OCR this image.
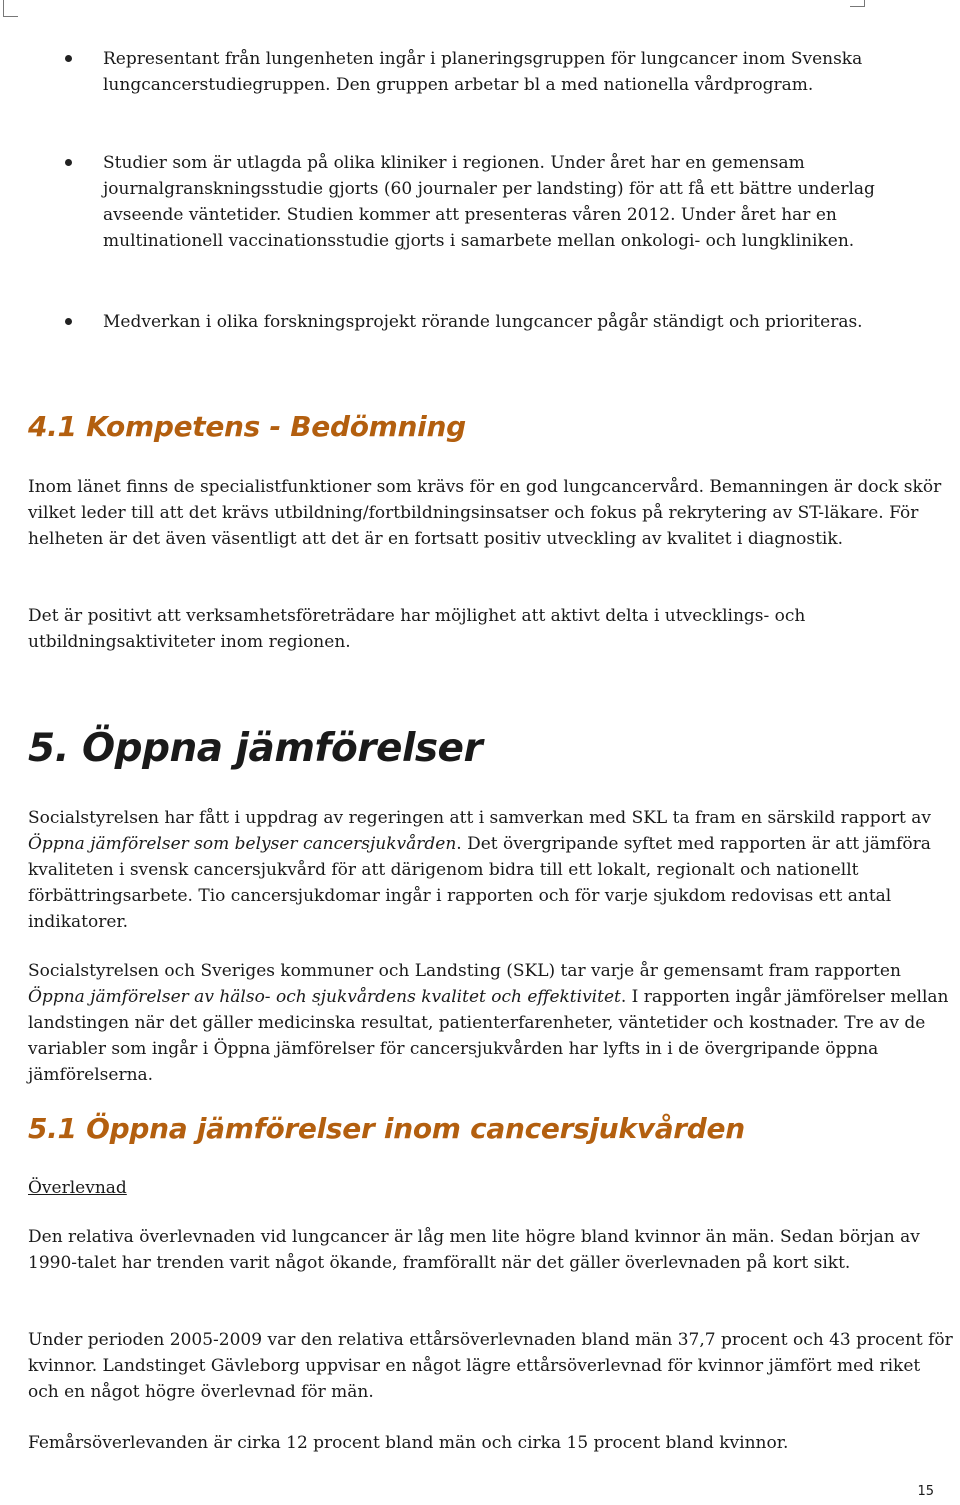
Representant från lungenheten ingår i planeringsgruppen för lungcancer inom Svenska lungcancerstudiegruppen. Den gruppen arbetar bl a med nationella vårdprogram.
Studier som är utlagda på olika kliniker i regionen. Under året har en gemensam journalgranskningsstudie gjorts (60 journaler per landsting) för att få ett bättre underlag avseende väntetider. Studien kommer att presenteras våren 2012. Under året har en multinationell vaccinationsstudie gjorts i samarbete mellan onkologi- och lungkliniken.
Medverkan i olika forskningsprojekt rörande lungcancer pågår ständigt och prioriteras.
4.1 Kompetens - Bedömning
Inom länet finns de specialistfunktioner som krävs för en god lungcancervård. Bemanningen är dock skör vilket leder till att det krävs utbildning/fortbildningsinsatser och fokus på rekrytering av ST-läkare. För helheten är det även väsentligt att det är en fortsatt positiv utveckling av kvalitet i diagnostik.
Det är positivt att verksamhetsföreträdare har möjlighet att aktivt delta i utvecklings- och utbildningsaktiviteter inom regionen.
5. Öppna jämförelser
Socialstyrelsen har fått i uppdrag av regeringen att i samverkan med SKL ta fram en särskild rapport av Öppna jämförelser som belyser cancersjukvården. Det övergripande syftet med rapporten är att jämföra kvaliteten i svensk cancersjukvård för att därigenom bidra till ett lokalt, regionalt och nationellt förbättringsarbete. Tio cancersjukdomar ingår i rapporten och för varje sjukdom redovisas ett antal indikatorer.
Socialstyrelsen och Sveriges kommuner och Landsting (SKL) tar varje år gemensamt fram rapporten Öppna jämförelser av hälso- och sjukvårdens kvalitet och effektivitet. I rapporten ingår jämförelser mellan landstingen när det gäller medicinska resultat, patienterfarenheter, väntetider och kostnader. Tre av de variabler som ingår i Öppna jämförelser för cancersjukvården har lyfts in i de övergripande öppna jämförelserna.
5.1 Öppna jämförelser inom cancersjukvården
Överlevnad
Den relativa överlevnaden vid lungcancer är låg men lite högre bland kvinnor än män. Sedan början av 1990-talet har trenden varit något ökande, framförallt när det gäller överlevnaden på kort sikt.
Under perioden 2005-2009 var den relativa ettårsöverlevnaden bland män 37,7 procent och 43 procent för kvinnor. Landstinget Gävleborg uppvisar en något lägre ettårsöverlevnad för kvinnor jämfört med riket och en något högre överlevnad för män.
Femårsöverlevanden är cirka 12 procent bland män och cirka 15 procent bland kvinnor.
15
